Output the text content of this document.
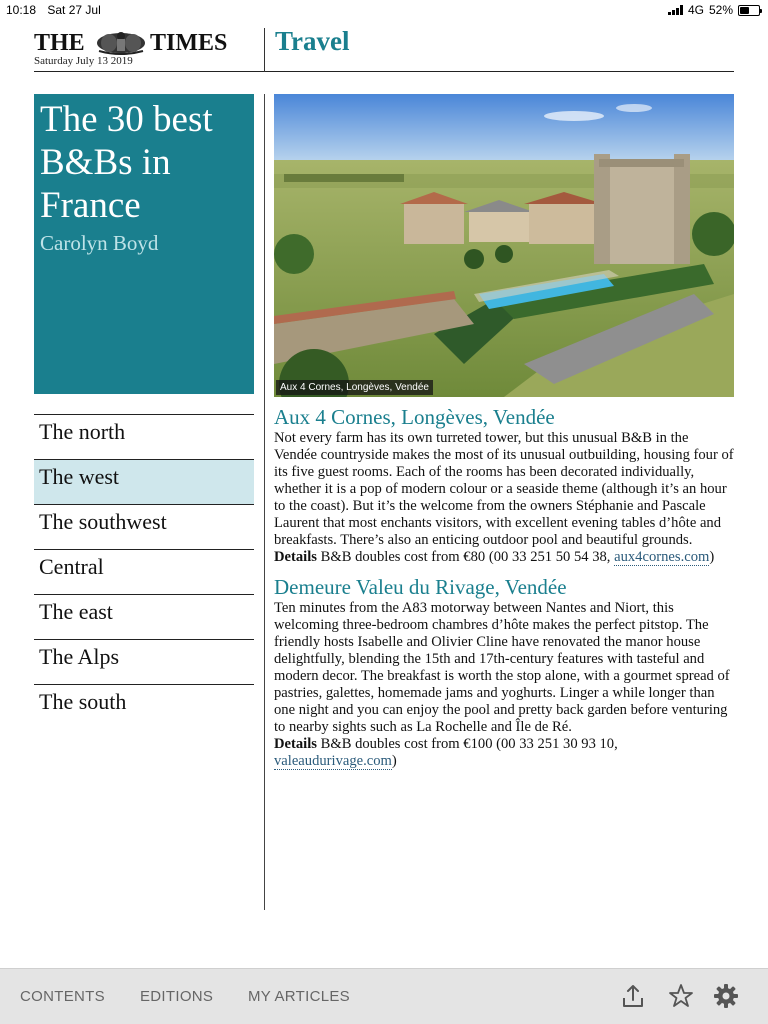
10:18 Sat 27 Jul	4G 52%
THE	TIMES
Saturday July 13 2019
Travel
The 30 best B&Bs in France
Carolyn Boyd
The north
The west
The southwest
Central
The east
The Alps
The south
Aux 4 Cornes, Longèves, Vendée
Aux 4 Cornes, Longèves, Vendée

Not every farm has its own turreted tower, but this unusual B&B in the Vendée countryside makes the most of its unusual outbuilding, housing four of its five guest rooms. Each of the rooms has been decorated individually, whether it is a pop of modern colour or a seaside theme (although it’s an hour to the coast). But it’s the welcome from the owners Stéphanie and Pascale Laurent that most enchants visitors, with excellent evening tables d’hôte and breakfasts. There’s also an enticing outdoor pool and beautiful grounds.

Details B&B doubles cost from €80 (00 33 251 50 54 38, aux4cornes.com)
Demeure Valeu du Rivage, Vendée

Ten minutes from the A83 motorway between Nantes and Niort, this welcoming three-bedroom chambres d’hôte makes the perfect pitstop. The friendly hosts Isabelle and Olivier Cline have renovated the manor house delightfully, blending the 15th and 17th-century features with tasteful and modern decor. The breakfast is worth the stop alone, with a gourmet spread of pastries, galettes, homemade jams and yoghurts. Linger a while longer than one night and you can enjoy the pool and pretty back garden before venturing to nearby sights such as La Rochelle and Île de Ré.

Details B&B doubles cost from €100 (00 33 251 30 93 10, valeaudurivage.com)
CONTENTS EDITIONS MY ARTICLES
